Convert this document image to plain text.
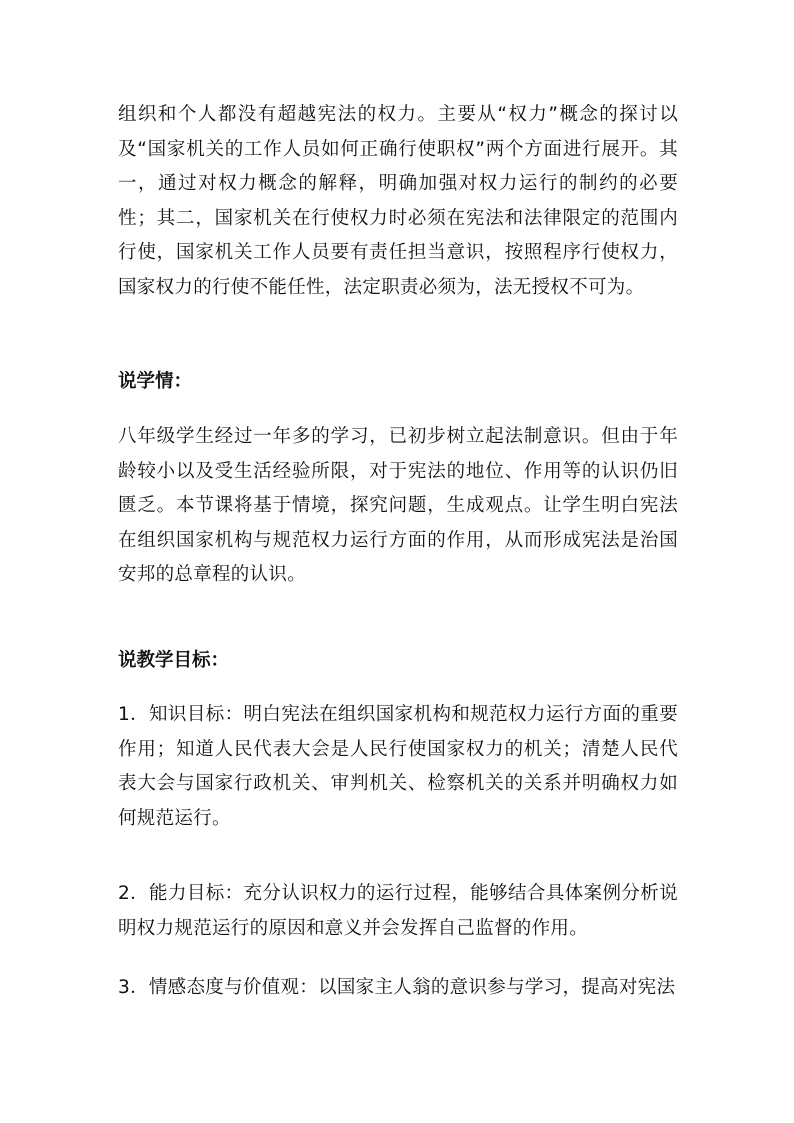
组织和个人都没有超越宪法的权力。主要从“权力”概念的探讨以及“国家机关的工作人员如何正确行使职权”两个方面进行展开。其一，通过对权力概念的解释，明确加强对权力运行的制约的必要性；其二，国家机关在行使权力时必须在宪法和法律限定的范围内行使，国家机关工作人员要有责任担当意识，按照程序行使权力，国家权力的行使不能任性，法定职责必须为，法无授权不可为。

说学情：

八年级学生经过一年多的学习，已初步树立起法制意识。但由于年龄较小以及受生活经验所限，对于宪法的地位、作用等的认识仍旧匮乏。本节课将基于情境，探究问题，生成观点。让学生明白宪法在组织国家机构与规范权力运行方面的作用，从而形成宪法是治国安邦的总章程的认识。

说教学目标：

1．知识目标：明白宪法在组织国家机构和规范权力运行方面的重要作用；知道人民代表大会是人民行使国家权力的机关；清楚人民代表大会与国家行政机关、审判机关、检察机关的关系并明确权力如何规范运行。

2．能力目标：充分认识权力的运行过程，能够结合具体案例分析说明权力规范运行的原因和意义并会发挥自己监督的作用。

3．情感态度与价值观：以国家主人翁的意识参与学习，提高对宪法
